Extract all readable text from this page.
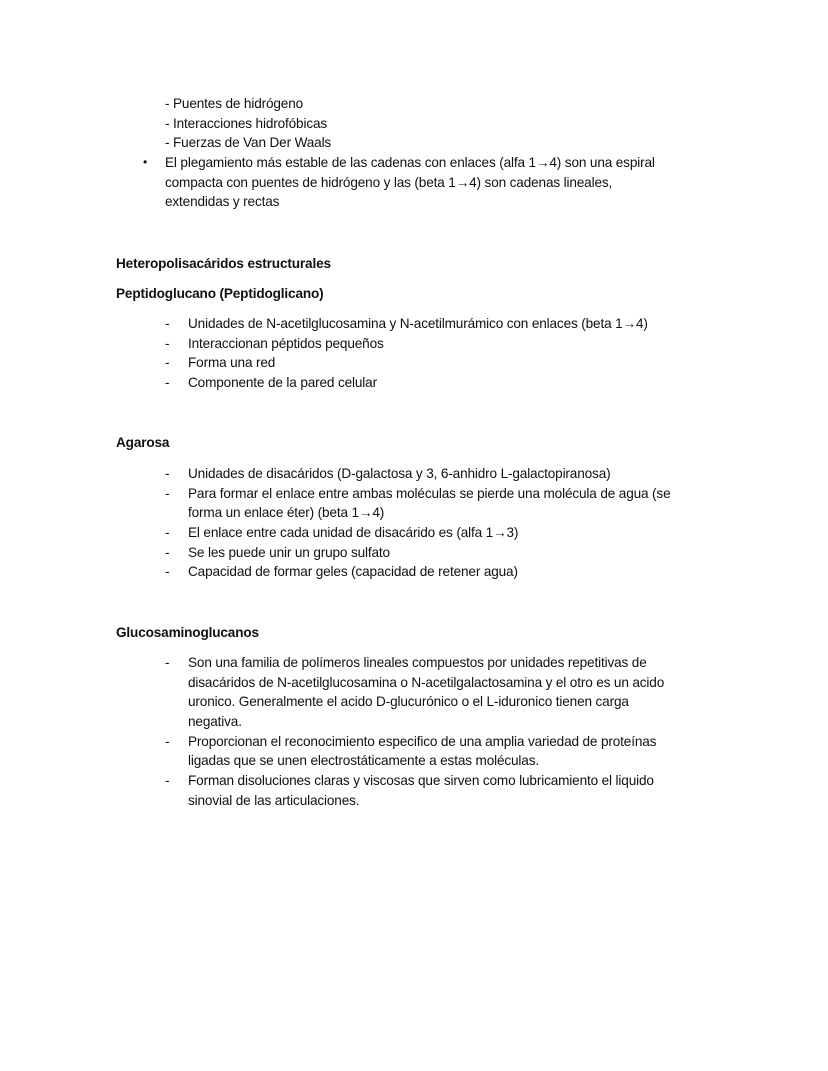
- Puentes de hidrógeno
- Interacciones hidrofóbicas
- Fuerzas de Van Der Waals
•	El plegamiento más estable de las cadenas con enlaces (alfa 1→4) son una espiral
compacta con puentes de hidrógeno y las (beta 1→4) son cadenas lineales,
extendidas y rectas
Heteropolisacáridos estructurales
Peptidoglucano (Peptidoglicano)
-	Unidades de N-acetilglucosamina y N-acetilmurámico con enlaces (beta 1→4)
-	Interaccionan péptidos pequeños
-	Forma una red
-	Componente de la pared celular
Agarosa
-	Unidades de disacáridos (D-galactosa y 3, 6-anhidro L-galactopiranosa)
-	Para formar el enlace entre ambas moléculas se pierde una molécula de agua (se
forma un enlace éter) (beta 1→4)
-	El enlace entre cada unidad de disacárido es (alfa 1→3)
-	Se les puede unir un grupo sulfato
-	Capacidad de formar geles (capacidad de retener agua)
Glucosaminoglucanos
-	Son una familia de polímeros lineales compuestos por unidades repetitivas de
disacáridos de N-acetilglucosamina o N-acetilgalactosamina y el otro es un acido
uronico. Generalmente el acido D-glucurónico o el L-iduronico tienen carga
negativa.
-	Proporcionan el reconocimiento especifico de una amplia variedad de proteínas
ligadas que se unen electrostáticamente a estas moléculas.
-	Forman disoluciones claras y viscosas que sirven como lubricamiento el liquido
sinovial de las articulaciones.
